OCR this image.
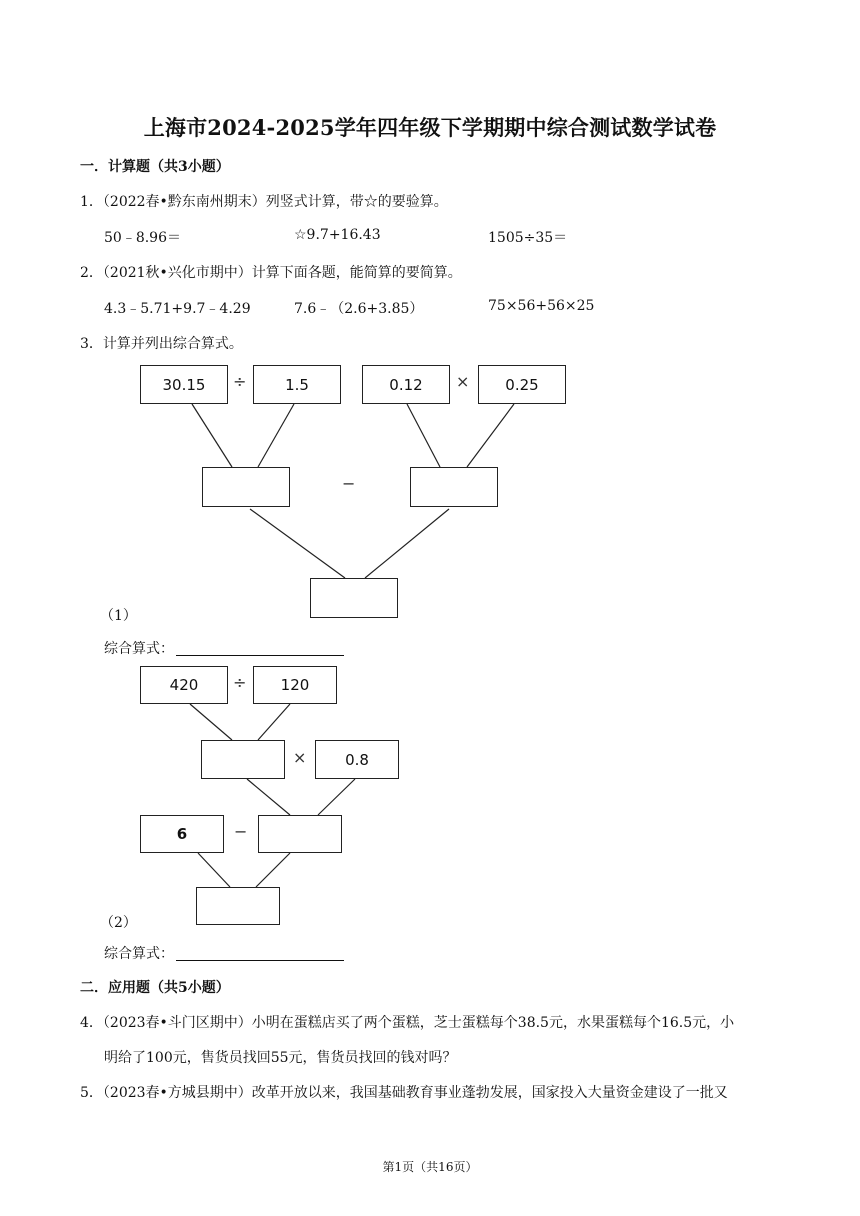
上海市2024-2025学年四年级下学期期中综合测试数学试卷
一．计算题（共3小题）
1．（2022春•黔东南州期末）列竖式计算，带☆的要验算。
50﹣8.96＝	☆9.7+16.43	1505÷35＝
2．（2021秋•兴化市期中）计算下面各题，能简算的要简算。
4.3﹣5.71+9.7﹣4.29	7.6﹣（2.6+3.85）	75×56+56×25
3．计算并列出综合算式。
30.15	÷	1.5	0.12	×	0.25
−
（1）
综合算式：
420	÷	120
×	0.8
6	−
（2）
综合算式：
二．应用题（共5小题）
4．（2023春•斗门区期中）小明在蛋糕店买了两个蛋糕，芝士蛋糕每个38.5元，水果蛋糕每个16.5元，小
明给了100元，售货员找回55元，售货员找回的钱对吗？
5．（2023春•方城县期中）改革开放以来，我国基础教育事业蓬勃发展，国家投入大量资金建设了一批又
第1页（共16页）
